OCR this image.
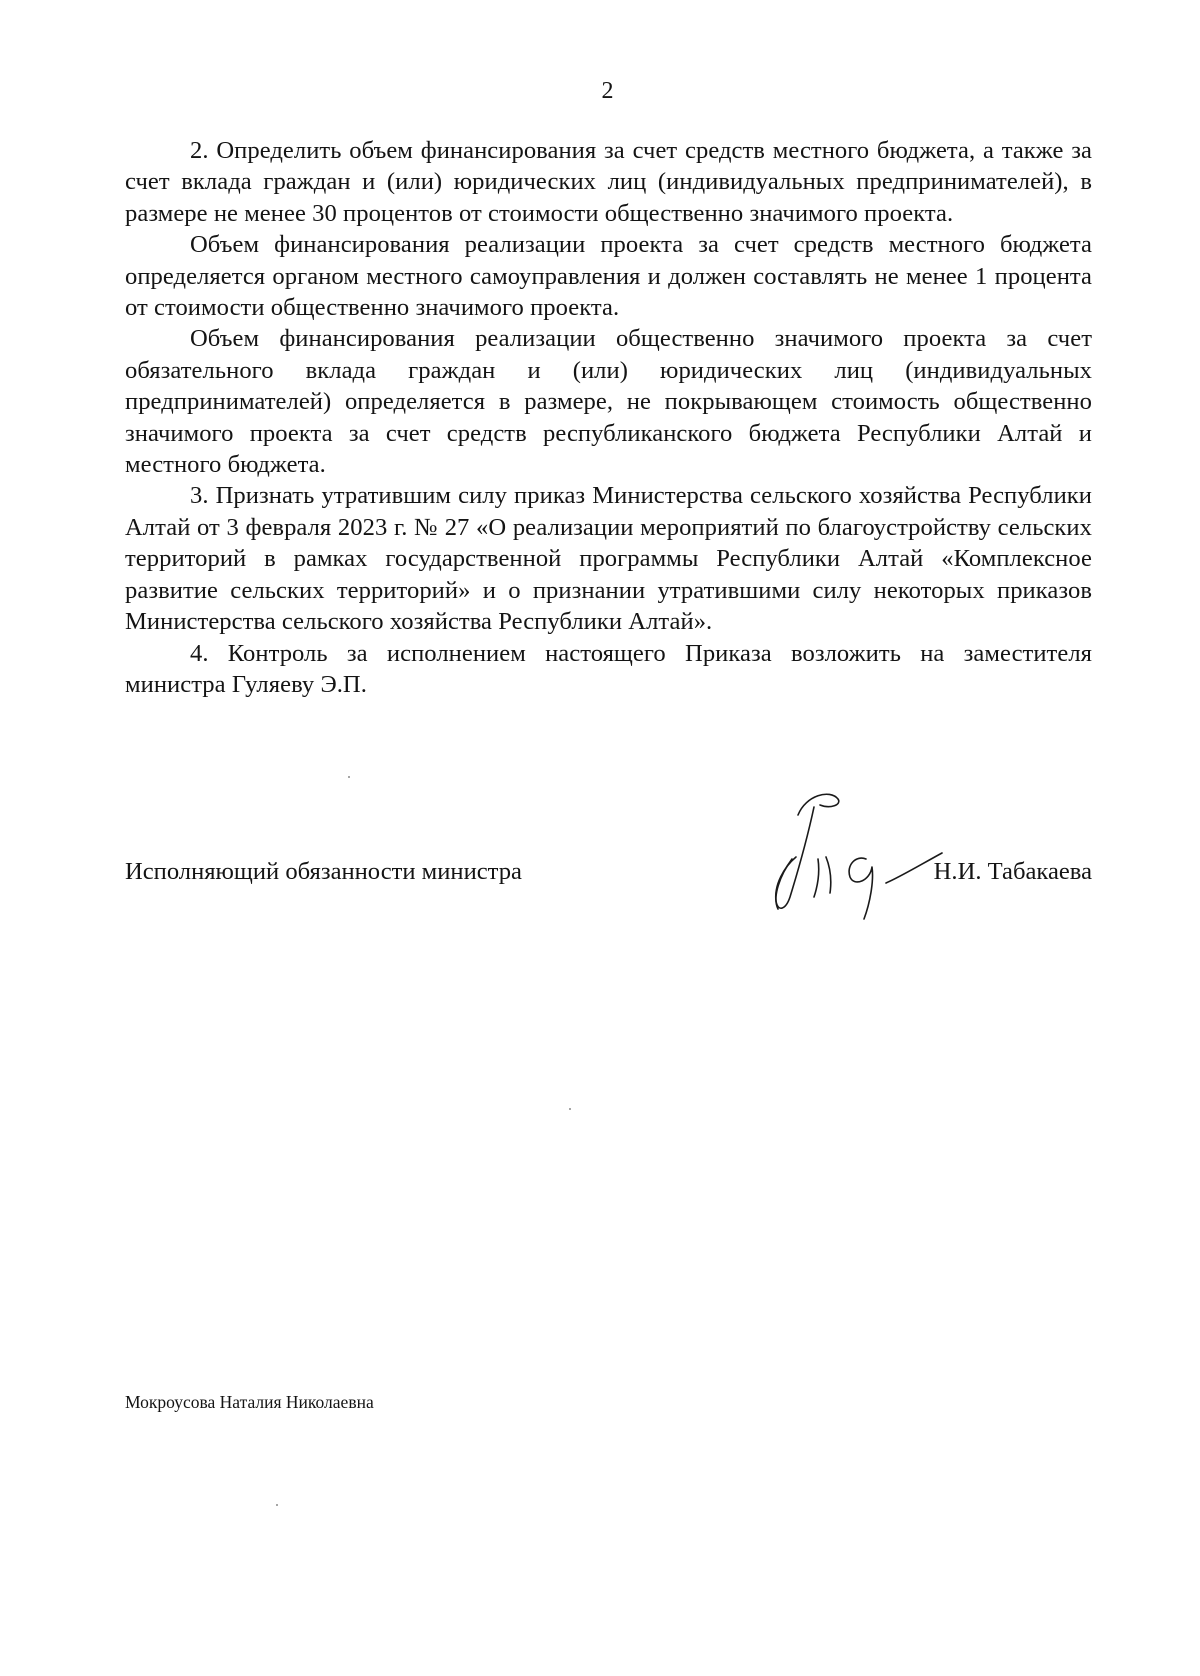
2

2. Определить объем финансирования за счет средств местного бюджета, а также за счет вклада граждан и (или) юридических лиц (индивидуальных предпринимателей), в размере не менее 30 процентов от стоимости общественно значимого проекта.

Объем финансирования реализации проекта за счет средств местного бюджета определяется органом местного самоуправления и должен составлять не менее 1 процента от стоимости общественно значимого проекта.

Объем финансирования реализации общественно значимого проекта за счет обязательного вклада граждан и (или) юридических лиц (индивидуальных предпринимателей) определяется в размере, не покрывающем стоимость общественно значимого проекта за счет средств республиканского бюджета Республики Алтай и местного бюджета.

3. Признать утратившим силу приказ Министерства сельского хозяйства Республики Алтай от 3 февраля 2023 г. № 27 «О реализации мероприятий по благоустройству сельских территорий в рамках государственной программы Республики Алтай «Комплексное развитие сельских территорий» и о признании утратившими силу некоторых приказов Министерства сельского хозяйства Республики Алтай».

4. Контроль за исполнением настоящего Приказа возложить на заместителя министра Гуляеву Э.П.

Исполняющий обязанности министра	Н.И. Табакаева
Мокроусова Наталия Николаевна
